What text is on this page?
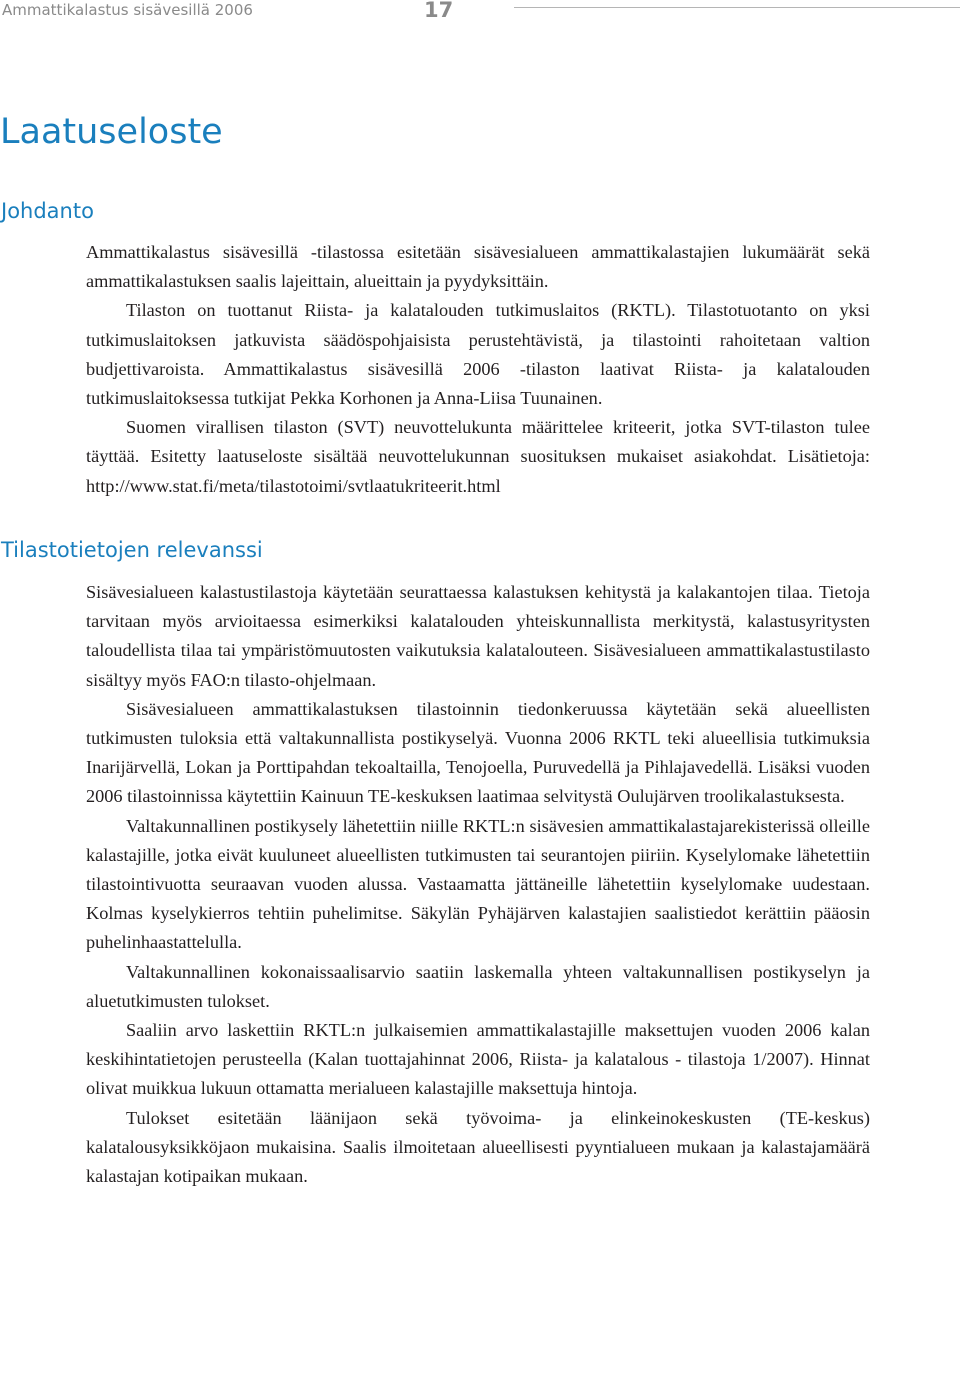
Ammattikalastus sisävesillä 2006	17

Laatuseloste
Johdanto

Ammattikalastus sisävesillä -tilastossa esitetään sisävesialueen ammattikalastajien lukumäärät sekä ammattikalastuksen saalis lajeittain, alueittain ja pyydyksittäin.

Tilaston on tuottanut Riista- ja kalatalouden tutkimuslaitos (RKTL). Tilastotuotanto on yksi tutkimuslaitoksen jatkuvista säädöspohjaisista perustehtävistä, ja tilastointi rahoitetaan valtion budjettivaroista. Ammattikalastus sisävesillä 2006 -tilaston laativat Riista- ja kalatalouden tutkimuslaitoksessa tutkijat Pekka Korhonen ja Anna-Liisa Tuunainen.

Suomen virallisen tilaston (SVT) neuvottelukunta määrittelee kriteerit, jotka SVT-tilaston tulee täyttää. Esitetty laatuseloste sisältää neuvottelukunnan suosituksen mukaiset asiakohdat. Lisätietoja: http://www.stat.fi/meta/tilastotoimi/svtlaatukriteerit.html

Tilastotietojen relevanssi

Sisävesialueen kalastustilastoja käytetään seurattaessa kalastuksen kehitystä ja kalakantojen tilaa. Tietoja tarvitaan myös arvioitaessa esimerkiksi kalatalouden yhteiskunnallista merkitystä, kalastusyritysten taloudellista tilaa tai ympäristömuutosten vaikutuksia kalatalouteen. Sisävesialueen ammattikalastustilasto sisältyy myös FAO:n tilasto-ohjelmaan.

Sisävesialueen ammattikalastuksen tilastoinnin tiedonkeruussa käytetään sekä alueellisten tutkimusten tuloksia että valtakunnallista postikyselyä. Vuonna 2006 RKTL teki alueellisia tutkimuksia Inarijärvellä, Lokan ja Porttipahdan tekoaltailla, Tenojoella, Puruvedellä ja Pihlajavedellä. Lisäksi vuoden 2006 tilastoinnissa käytettiin Kainuun TE-keskuksen laatimaa selvitystä Oulujärven troolikalastuksesta.

Valtakunnallinen postikysely lähetettiin niille RKTL:n sisävesien ammattikalastajarekisterissä olleille kalastajille, jotka eivät kuuluneet alueellisten tutkimusten tai seurantojen piiriin. Kyselylomake lähetettiin tilastointivuotta seuraavan vuoden alussa. Vastaamatta jättäneille lähetettiin kyselylomake uudestaan. Kolmas kyselykierros tehtiin puhelimitse. Säkylän Pyhäjärven kalastajien saalistiedot kerättiin pääosin puhelinhaastattelulla.

Valtakunnallinen kokonaissaalisarvio saatiin laskemalla yhteen valtakunnallisen postikyselyn ja aluetutkimusten tulokset.

Saaliin arvo laskettiin RKTL:n julkaisemien ammattikalastajille maksettujen vuoden 2006 kalan keskihintatietojen perusteella (Kalan tuottajahinnat 2006, Riista- ja kalatalous - tilastoja 1/2007). Hinnat olivat muikkua lukuun ottamatta merialueen kalastajille maksettuja hintoja.

Tulokset esitetään läänijaon sekä työvoima- ja elinkeinokeskusten (TE-keskus) kalatalousyksikköjaon mukaisina. Saalis ilmoitetaan alueellisesti pyyntialueen mukaan ja kalastajamäärä kalastajan kotipaikan mukaan.
